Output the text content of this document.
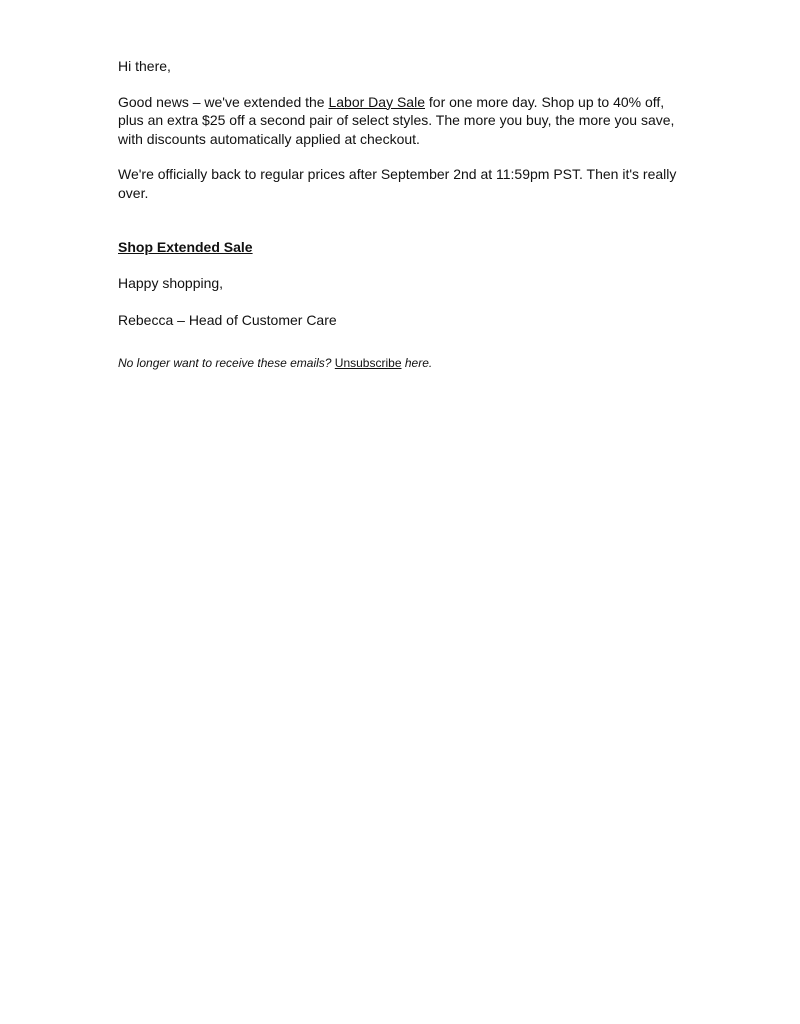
Hi there,

Good news – we've extended the Labor Day Sale for one more day. Shop up to 40% off, plus an extra $25 off a second pair of select styles. The more you buy, the more you save, with discounts automatically applied at checkout.

We're officially back to regular prices after September 2nd at 11:59pm PST. Then it's really over.

Shop Extended Sale

Happy shopping,

Rebecca – Head of Customer Care

No longer want to receive these emails? Unsubscribe here.
